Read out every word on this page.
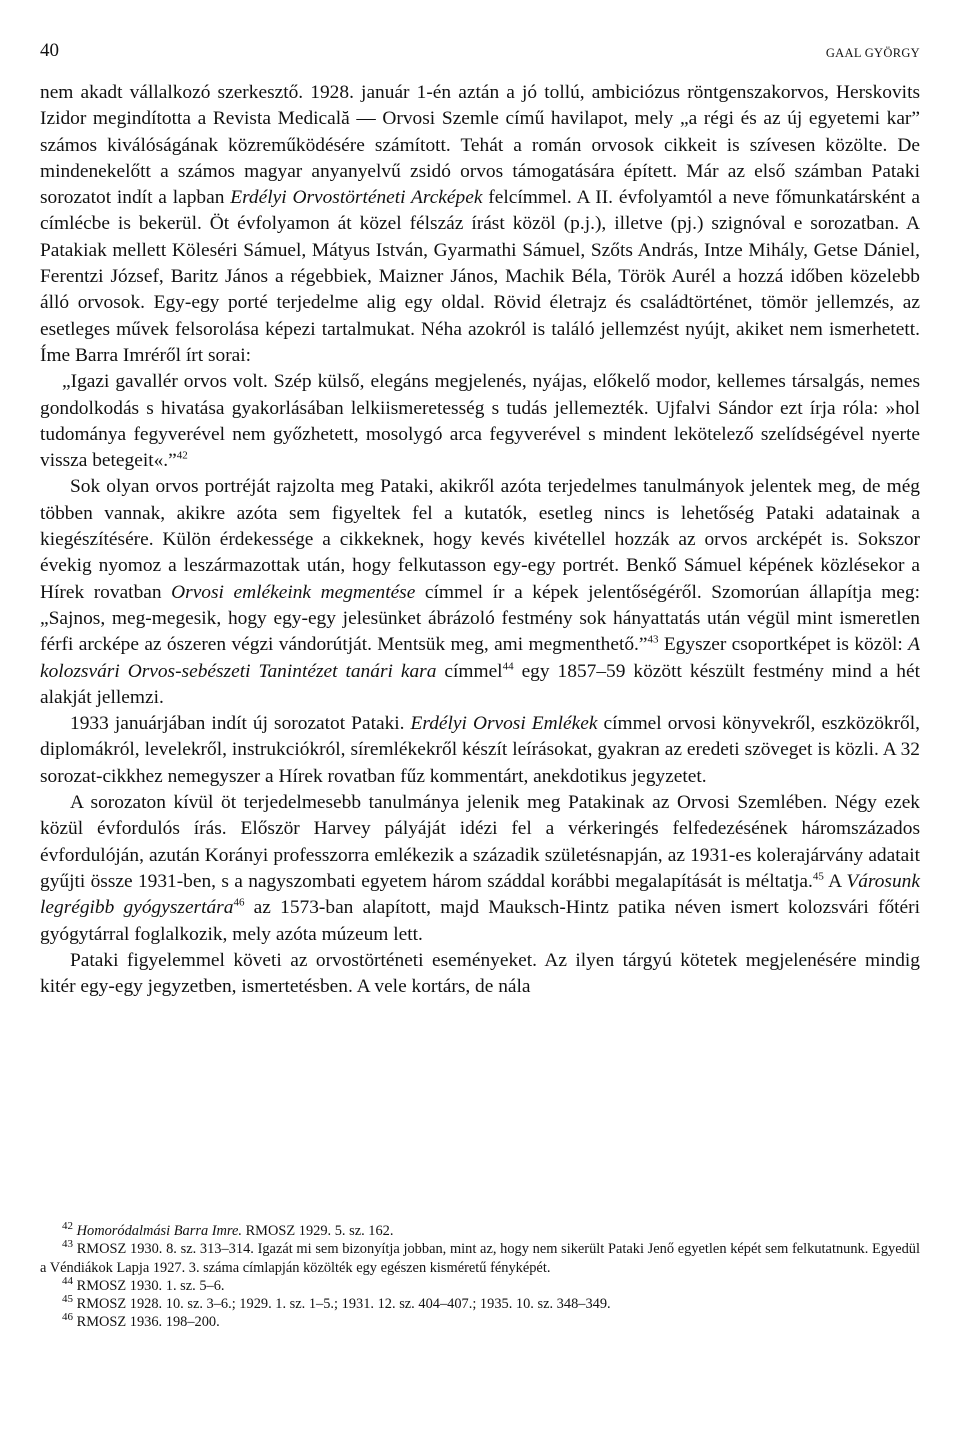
40	GAAL GYÖRGY

nem akadt vállalkozó szerkesztő. 1928. január 1-én aztán a jó tollú, ambiciózus röntgenszakorvos, Herskovits Izidor megindította a Revista Medicală — Orvosi Szemle című havilapot, mely „a régi és az új egyetemi kar” számos kiválóságának közreműködésére számított. Tehát a román orvosok cikkeit is szívesen közölte. De mindenekelőtt a számos magyar anyanyelvű zsidó orvos támogatására épített. Már az első számban Pataki sorozatot indít a lapban Erdélyi Orvostörténeti Arcképek felcímmel. A II. évfolyamtól a neve főmunkatársként a címlécbe is bekerül. Öt évfolyamon át közel félszáz írást közöl (p.j.), illetve (pj.) szignóval e sorozatban. A Patakiak mellett Köleséri Sámuel, Mátyus István, Gyarmathi Sámuel, Szőts András, Intze Mihály, Getse Dániel, Ferentzi József, Baritz János a régebbiek, Maizner János, Machik Béla, Török Aurél a hozzá időben közelebb álló orvosok. Egy-egy porté terjedelme alig egy oldal. Rövid életrajz és családtörténet, tömör jellemzés, az esetleges művek felsorolása képezi tartalmukat. Néha azokról is találó jellemzést nyújt, akiket nem ismerhetett. Íme Barra Imréről írt sorai:

„Igazi gavallér orvos volt. Szép külső, elegáns megjelenés, nyájas, előkelő modor, kellemes társalgás, nemes gondolkodás s hivatása gyakorlásában lelkiismeretesség s tudás jellemezték. Ujfalvi Sándor ezt írja róla: »hol tudománya fegyverével nem győzhetett, mosolygó arca fegyverével s mindent lekötelező szelídségével nyerte vissza betegeit«.”$^{42}$

Sok olyan orvos portréját rajzolta meg Pataki, akikről azóta terjedelmes tanulmányok jelentek meg, de még többen vannak, akikre azóta sem figyeltek fel a kutatók, esetleg nincs is lehetőség Pataki adatainak a kiegészítésére. Külön érdekessége a cikkeknek, hogy kevés kivétellel hozzák az orvos arcképét is. Sokszor évekig nyomoz a leszármazottak után, hogy felkutasson egy-egy portrét. Benkő Sámuel képének közlésekor a Hírek rovatban Orvosi emlékeink megmentése címmel ír a képek jelentőségéről. Szomorúan állapítja meg: „Sajnos, meg-megesik, hogy egy-egy jelesünket ábrázoló festmény sok hányattatás után végül mint ismeretlen férfi arcképe az ószeren végzi vándorútját. Mentsük meg, ami megmenthető.”$^{43}$ Egyszer csoportképet is közöl: A kolozsvári Orvos-sebészeti Tanintézet tanári kara címmel$^{44}$ egy 1857–59 között készült festmény mind a hét alakját jellemzi.

1933 januárjában indít új sorozatot Pataki. Erdélyi Orvosi Emlékek címmel orvosi könyvekről, eszközökről, diplomákról, levelekről, instrukciókról, síremlékekről készít leírásokat, gyakran az eredeti szöveget is közli. A 32 sorozat-cikkhez nemegyszer a Hírek rovatban fűz kommentárt, anekdotikus jegyzetet.

A sorozaton kívül öt terjedelmesebb tanulmánya jelenik meg Patakinak az Orvosi Szemlében. Négy ezek közül évfordulós írás. Először Harvey pályáját idézi fel a vérkeringés felfedezésének háromszázados évfordulóján, azután Korányi professzorra emlékezik a századik születésnapján, az 1931-es kolerajárvány adatait gyűjti össze 1931-ben, s a nagyszombati egyetem három száddal korábbi megalapítását is méltatja.$^{45}$ A Városunk legrégibb gyógyszertára$^{46}$ az 1573-ban alapított, majd Mauksch-Hintz patika néven ismert kolozsvári főtéri gyógytárral foglalkozik, mely azóta múzeum lett.

Pataki figyelemmel követi az orvostörténeti eseményeket. Az ilyen tárgyú kötetek megjelenésére mindig kitér egy-egy jegyzetben, ismertetésben. A vele kortárs, de nála

$^{42}$ Homoródalmási Barra Imre. RMOSZ 1929. 5. sz. 162.

$^{43}$ RMOSZ 1930. 8. sz. 313–314. Igazát mi sem bizonyítja jobban, mint az, hogy nem sikerült Pataki Jenő egyetlen képét sem felkutatnunk. Egyedül a Véndiákok Lapja 1927. 3. száma címlapján közölték egy egészen kisméretű fényképét.

$^{44}$ RMOSZ 1930. 1. sz. 5–6.

$^{45}$ RMOSZ 1928. 10. sz. 3–6.; 1929. 1. sz. 1–5.; 1931. 12. sz. 404–407.; 1935. 10. sz. 348–349.

$^{46}$ RMOSZ 1936. 198–200.
